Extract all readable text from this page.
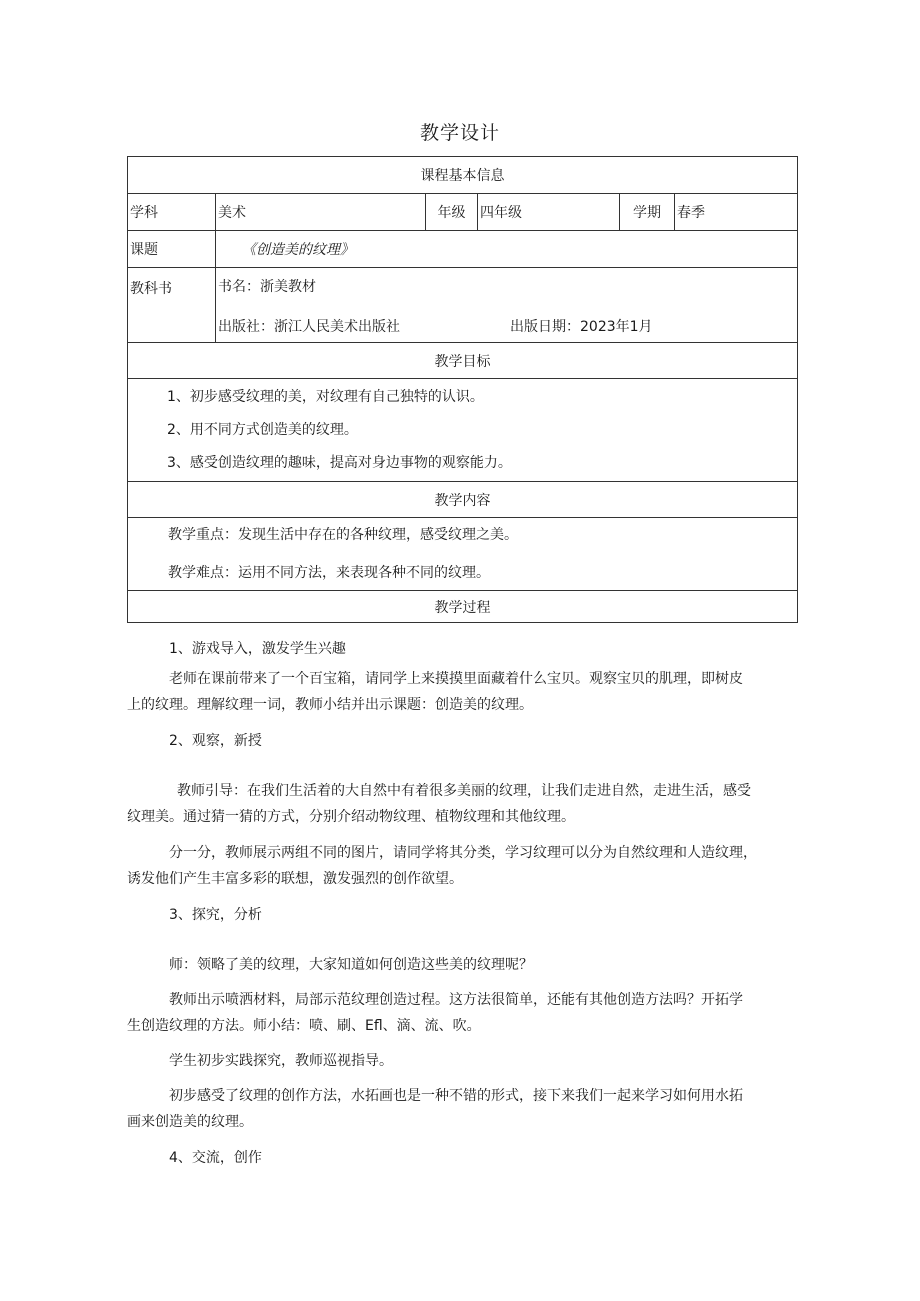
教学设计
课程基本信息					
学科	美术	年级	四年级	学期	春季
课题	《创造美的纹理》				
教科书	书名：浙美教材
出版社：浙江人民美术出版社 出版日期：2023年1月				

教学目标					

1、初步感受纹理的美，对纹理有自己独特的认识。
2、用不同方式创造美的纹理。
3、感受创造纹理的趣味，提高对身边事物的观察能力。					

教学内容					

教学重点：发现生活中存在的各种纹理，感受纹理之美。
教学难点：运用不同方法，来表现各种不同的纹理。					

教学过程					
1、游戏导入，激发学生兴趣
老师在课前带来了一个百宝箱，请同学上来摸摸里面藏着什么宝贝。观察宝贝的肌理，即树皮
上的纹理。理解纹理一词，教师小结并出示课题：创造美的纹理。
2、观察，新授
教师引导：在我们生活着的大自然中有着很多美丽的纹理，让我们走进自然，走进生活，感受
纹理美。通过猜一猜的方式，分别介绍动物纹理、植物纹理和其他纹理。
分一分，教师展示两组不同的图片，请同学将其分类，学习纹理可以分为自然纹理和人造纹理，
诱发他们产生丰富多彩的联想，激发强烈的创作欲望。
3、探究，分析
师：领略了美的纹理，大家知道如何创造这些美的纹理呢？
教师出示喷洒材料，局部示范纹理创造过程。这方法很简单，还能有其他创造方法吗？开拓学
生创造纹理的方法。师小结：喷、刷、Efl、滴、流、吹。
学生初步实践探究，教师巡视指导。
初步感受了纹理的创作方法，水拓画也是一种不错的形式，接下来我们一起来学习如何用水拓
画来创造美的纹理。
4、交流，创作
